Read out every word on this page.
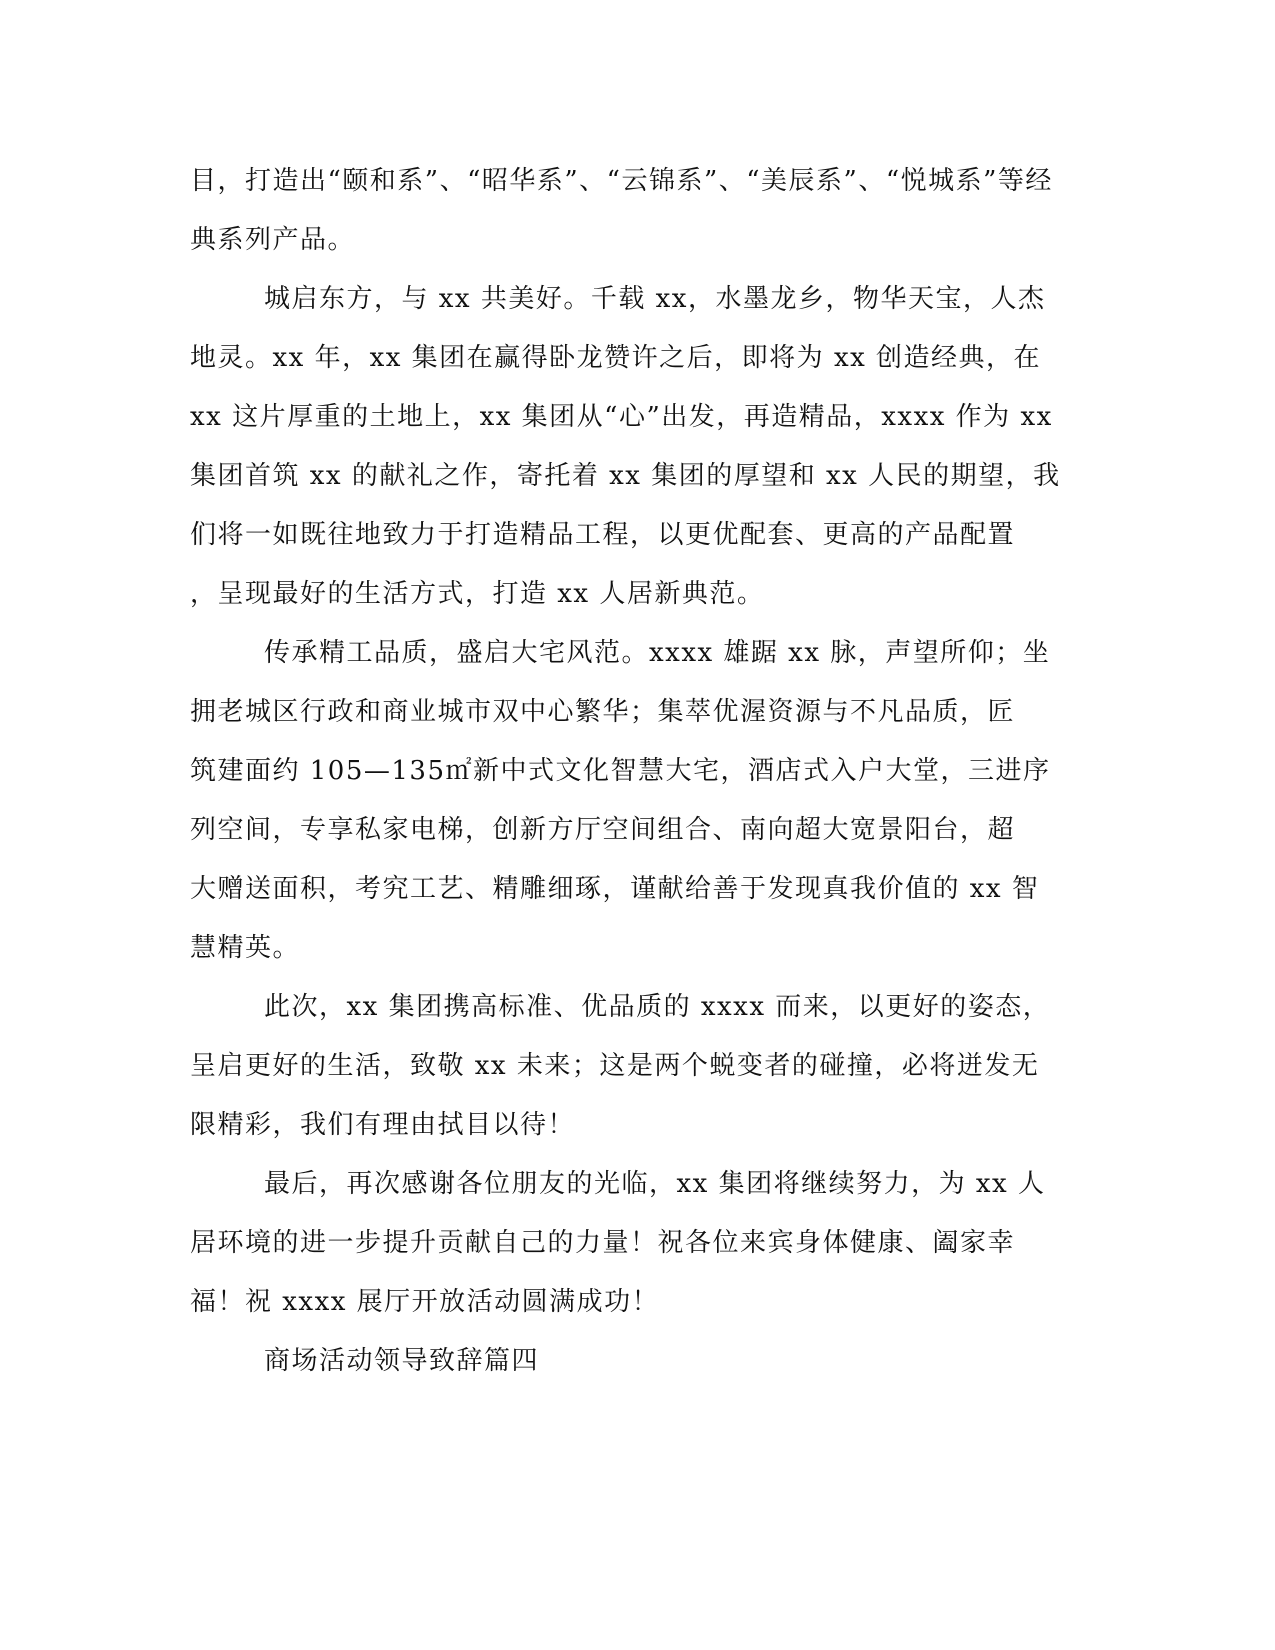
目，打造出“颐和系”、“昭华系”、“云锦系”、“美辰系”、“悦城系”等经
典系列产品。
城启东方，与 xx 共美好。千载 xx，水墨龙乡，物华天宝，人杰
地灵。xx 年，xx 集团在赢得卧龙赞许之后，即将为 xx 创造经典，在
xx 这片厚重的土地上，xx 集团从“心”出发，再造精品，xxxx 作为 xx
集团首筑 xx 的献礼之作，寄托着 xx 集团的厚望和 xx 人民的期望，我
们将一如既往地致力于打造精品工程，以更优配套、更高的产品配置
，呈现最好的生活方式，打造 xx 人居新典范。
传承精工品质，盛启大宅风范。xxxx 雄踞 xx 脉，声望所仰；坐
拥老城区行政和商业城市双中心繁华；集萃优渥资源与不凡品质，匠
筑建面约 105—135㎡新中式文化智慧大宅，酒店式入户大堂，三进序
列空间，专享私家电梯，创新方厅空间组合、南向超大宽景阳台，超
大赠送面积，考究工艺、精雕细琢，谨献给善于发现真我价值的 xx 智
慧精英。
此次，xx 集团携高标准、优品质的 xxxx 而来，以更好的姿态，
呈启更好的生活，致敬 xx 未来；这是两个蜕变者的碰撞，必将迸发无
限精彩，我们有理由拭目以待！
最后，再次感谢各位朋友的光临，xx 集团将继续努力，为 xx 人
居环境的进一步提升贡献自己的力量！祝各位来宾身体健康、阖家幸
福！祝 xxxx 展厅开放活动圆满成功！
商场活动领导致辞篇四
